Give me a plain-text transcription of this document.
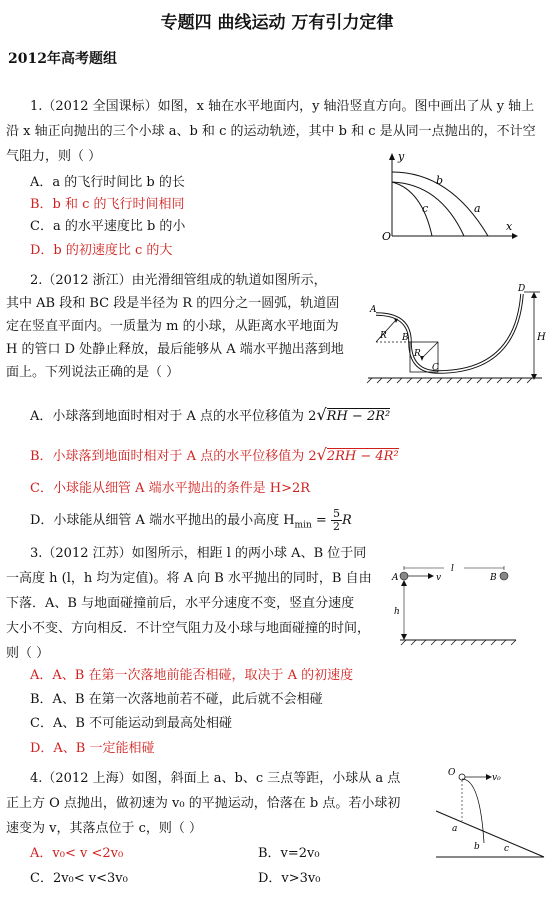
专题四 曲线运动 万有引力定律
2012年高考题组
1.（2012 全国课标）如图，x 轴在水平地面内，y 轴沿竖直方向。图中画出了从 y 轴上
沿 x 轴正向抛出的三个小球 a、b 和 c 的运动轨迹，其中 b 和 c 是从同一点抛出的，不计空
气阻力，则（ ）
A．a 的飞行时间比 b 的长
B．b 和 c 的飞行时间相同
C．a 的水平速度比 b 的小
D．b 的初速度比 c 的大
y
x
O
b
c	a
2.（2012 浙江）由光滑细管组成的轨道如图所示，
其中 AB 段和 BC 段是半径为 R 的四分之一圆弧，轨道固
定在竖直平面内。一质量为 m 的小球，从距离水平地面为
H 的管口 D 处静止释放，最后能够从 A 端水平抛出落到地
面上。下列说法正确的是（ ）
A
R B
R
C
D
H
A．小球落到地面时相对于 A 点的水平位移值为 2√RH − 2R²
B．小球落到地面时相对于 A 点的水平位移值为 2√2RH − 4R²
C．小球能从细管 A 端水平抛出的条件是 H>2R
D．小球能从细管 A 端水平抛出的最小高度 $H_{min} = \frac{5}{2}$ R
3.（2012 江苏）如图所示，相距 l 的两小球 A、B 位于同
一高度 h (l，h 均为定值)。将 A 向 B 水平抛出的同时，B 自由
下落．A、B 与地面碰撞前后，水平分速度不变，竖直分速度
大小不变、方向相反．不计空气阻力及小球与地面碰撞的时间，
则（ ）
A	v
l
B
h
A．A、B 在第一次落地前能否相碰，取决于 A 的初速度
B．A、B 在第一次落地前若不碰，此后就不会相碰
C．A、B 不可能运动到最高处相碰
D．A、B 一定能相碰
4.（2012 上海）如图，斜面上 a、b、c 三点等距，小球从 a 点
正上方 O 点抛出，做初速为 v₀ 的平抛运动，恰落在 b 点。若小球初
速变为 v，其落点位于 c，则（ ）
O	v₀
a
b	c
A．v₀< v <2v₀	B．v=2v₀
C．2v₀< v<3v₀	D．v>3v₀
